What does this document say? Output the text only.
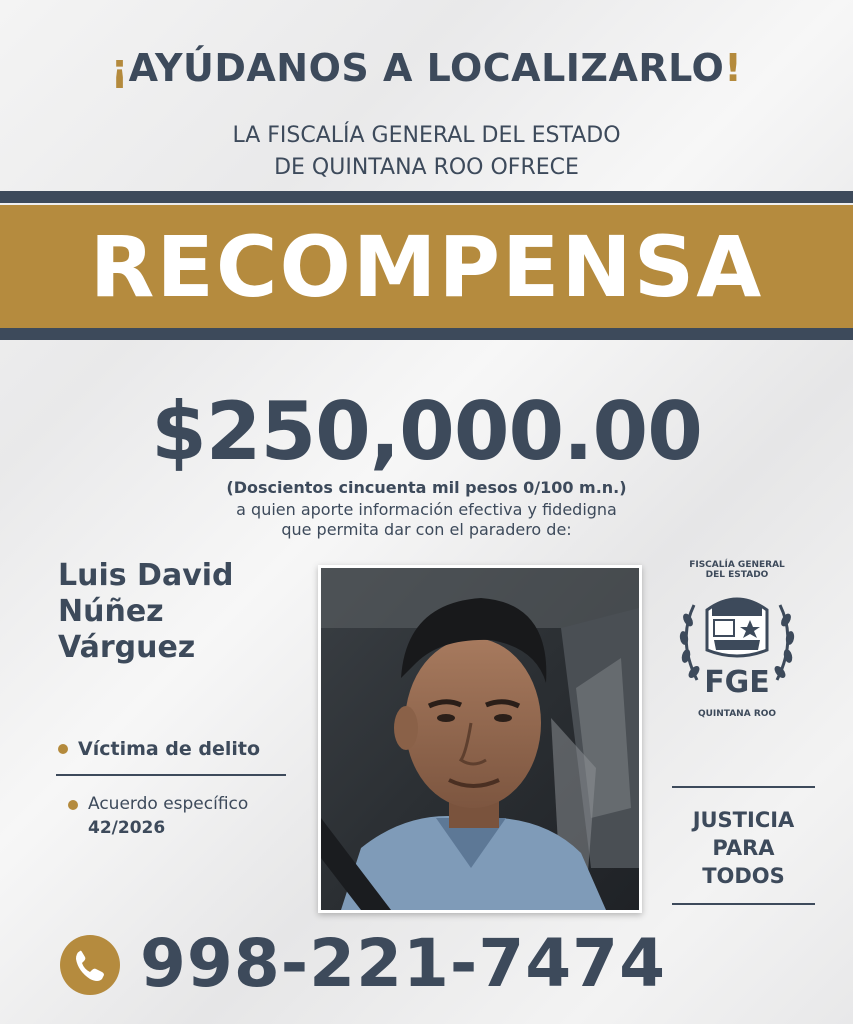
¡AYÚDANOS A LOCALIZARLO!
LA FISCALÍA GENERAL DEL ESTADO
DE QUINTANA ROO OFRECE
RECOMPENSA
$250,000.00
(Doscientos cincuenta mil pesos 0/100 m.n.)
a quien aporte información efectiva y fidedigna
que permita dar con el paradero de:
Luis David
Núñez
Várguez
Víctima de delito
Acuerdo específico
42/2026
FISCALÍA GENERAL
DEL ESTADO
FGE
QUINTANA ROO
JUSTICIA
PARA
TODOS
998-221-7474
